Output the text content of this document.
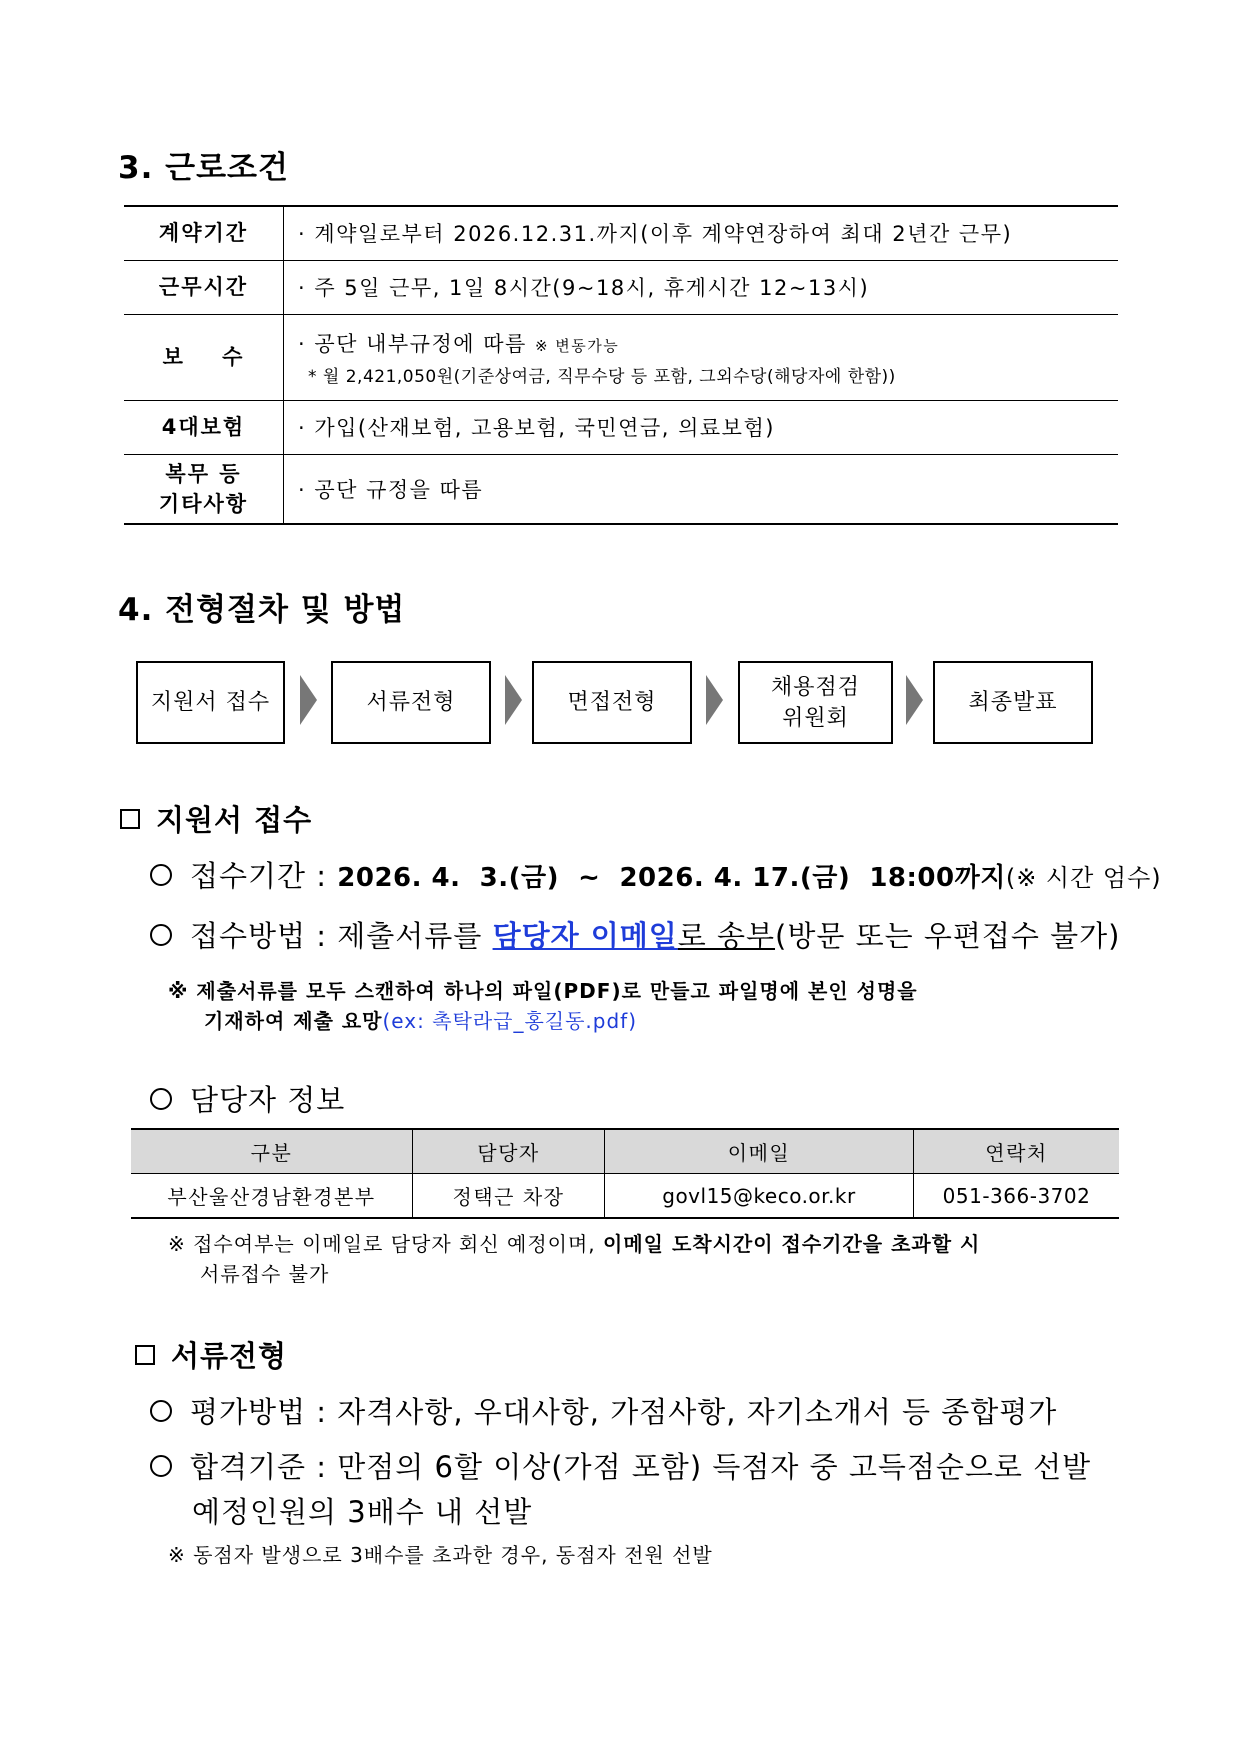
3. 근로조건
계약기간	· 계약일로부터 2026.12.31.까지(이후 계약연장하여 최대 2년간 근무)
근무시간	· 주 5일 근무, 1일 8시간(9~18시, 휴게시간 12~13시)
보    수	· 공단 내부규정에 따름 ※ 변동가능
* 월 2,421,050원(기준상여금, 직무수당 등 포함, 그외수당(해당자에 한함))

4대보험	· 가입(산재보험, 고용보험, 국민연금, 의료보험)

복무 등
기타사항	· 공단 규정을 따름
4. 전형절차 및 방법
지원서 접수	서류전형	면접전형
채용점검
위원회
최종발표
지원서 접수
접수기간 : 2026. 4.  3.(금)  ~  2026. 4. 17.(금)  18:00까지(※ 시간 엄수)
접수방법 : 제출서류를 담당자 이메일로 송부(방문 또는 우편접수 불가)
※ 제출서류를 모두 스캔하여 하나의 파일(PDF)로 만들고 파일명에 본인 성명을
기재하여 제출 요망(ex: 촉탁라급_홍길동.pdf)
담당자 정보
구분	담당자	이메일	연락처
부산울산경남환경본부	정택근 차장	govl15@keco.or.kr	051-366-3702
※ 접수여부는 이메일로 담당자 회신 예정이며, 이메일 도착시간이 접수기간을 초과할 시
서류접수 불가
서류전형
평가방법 : 자격사항, 우대사항, 가점사항, 자기소개서 등 종합평가
합격기준 : 만점의 6할 이상(가점 포함) 득점자 중 고득점순으로 선발
예정인원의 3배수 내 선발
※ 동점자 발생으로 3배수를 초과한 경우, 동점자 전원 선발
